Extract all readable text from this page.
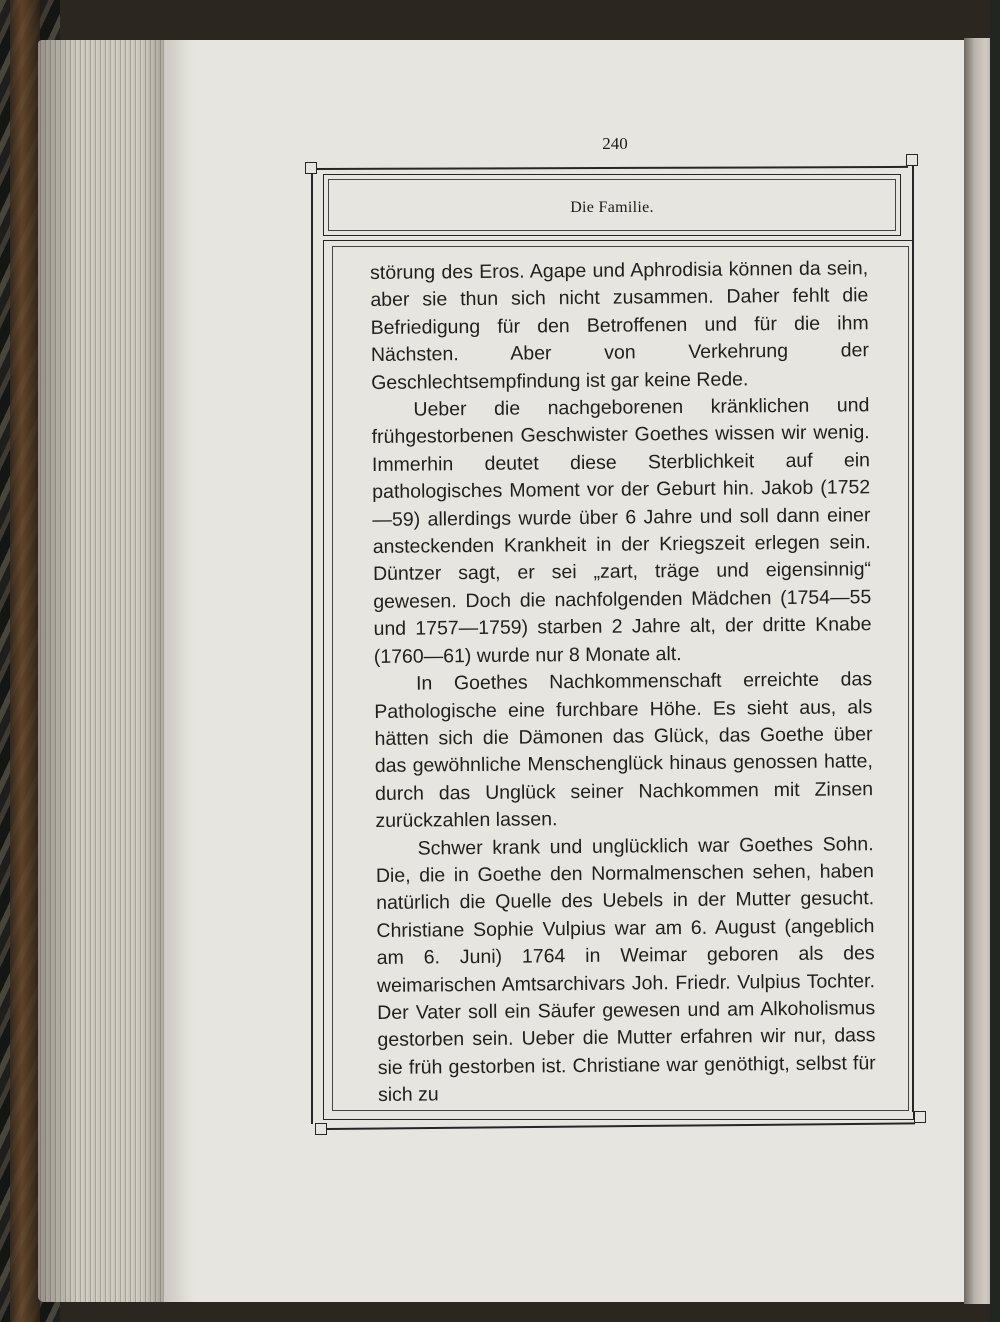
240
Die Familie.

störung des Eros. Agape und Aphrodisia können da sein, aber sie thun sich nicht zusammen. Daher fehlt die Befriedigung für den Betroffenen und für die ihm Nächsten. Aber von Verkehrung der Geschlechtsempfindung ist gar keine Rede.

Ueber die nachgeborenen kränklichen und frühgestorbenen Geschwister Goethes wissen wir wenig. Immerhin deutet diese Sterblichkeit auf ein pathologisches Moment vor der Geburt hin. Jakob (1752—59) allerdings wurde über 6 Jahre und soll dann einer ansteckenden Krankheit in der Kriegszeit erlegen sein. Düntzer sagt, er sei „zart, träge und eigensinnig“ gewesen. Doch die nachfolgenden Mädchen (1754—55 und 1757—1759) starben 2 Jahre alt, der dritte Knabe (1760—61) wurde nur 8 Monate alt.

In Goethes Nachkommenschaft erreichte das Pathologische eine furchbare Höhe. Es sieht aus, als hätten sich die Dämonen das Glück, das Goethe über das gewöhnliche Menschenglück hinaus genossen hatte, durch das Unglück seiner Nachkommen mit Zinsen zurückzahlen lassen.

Schwer krank und unglücklich war Goethes Sohn. Die, die in Goethe den Normalmenschen sehen, haben natürlich die Quelle des Uebels in der Mutter gesucht. Christiane Sophie Vulpius war am 6. August (angeblich am 6. Juni) 1764 in Weimar geboren als des weimarischen Amtsarchivars Joh. Friedr. Vulpius Tochter. Der Vater soll ein Säufer gewesen und am Alkoholismus gestorben sein. Ueber die Mutter erfahren wir nur, dass sie früh gestorben ist. Christiane war genöthigt, selbst für sich zu
